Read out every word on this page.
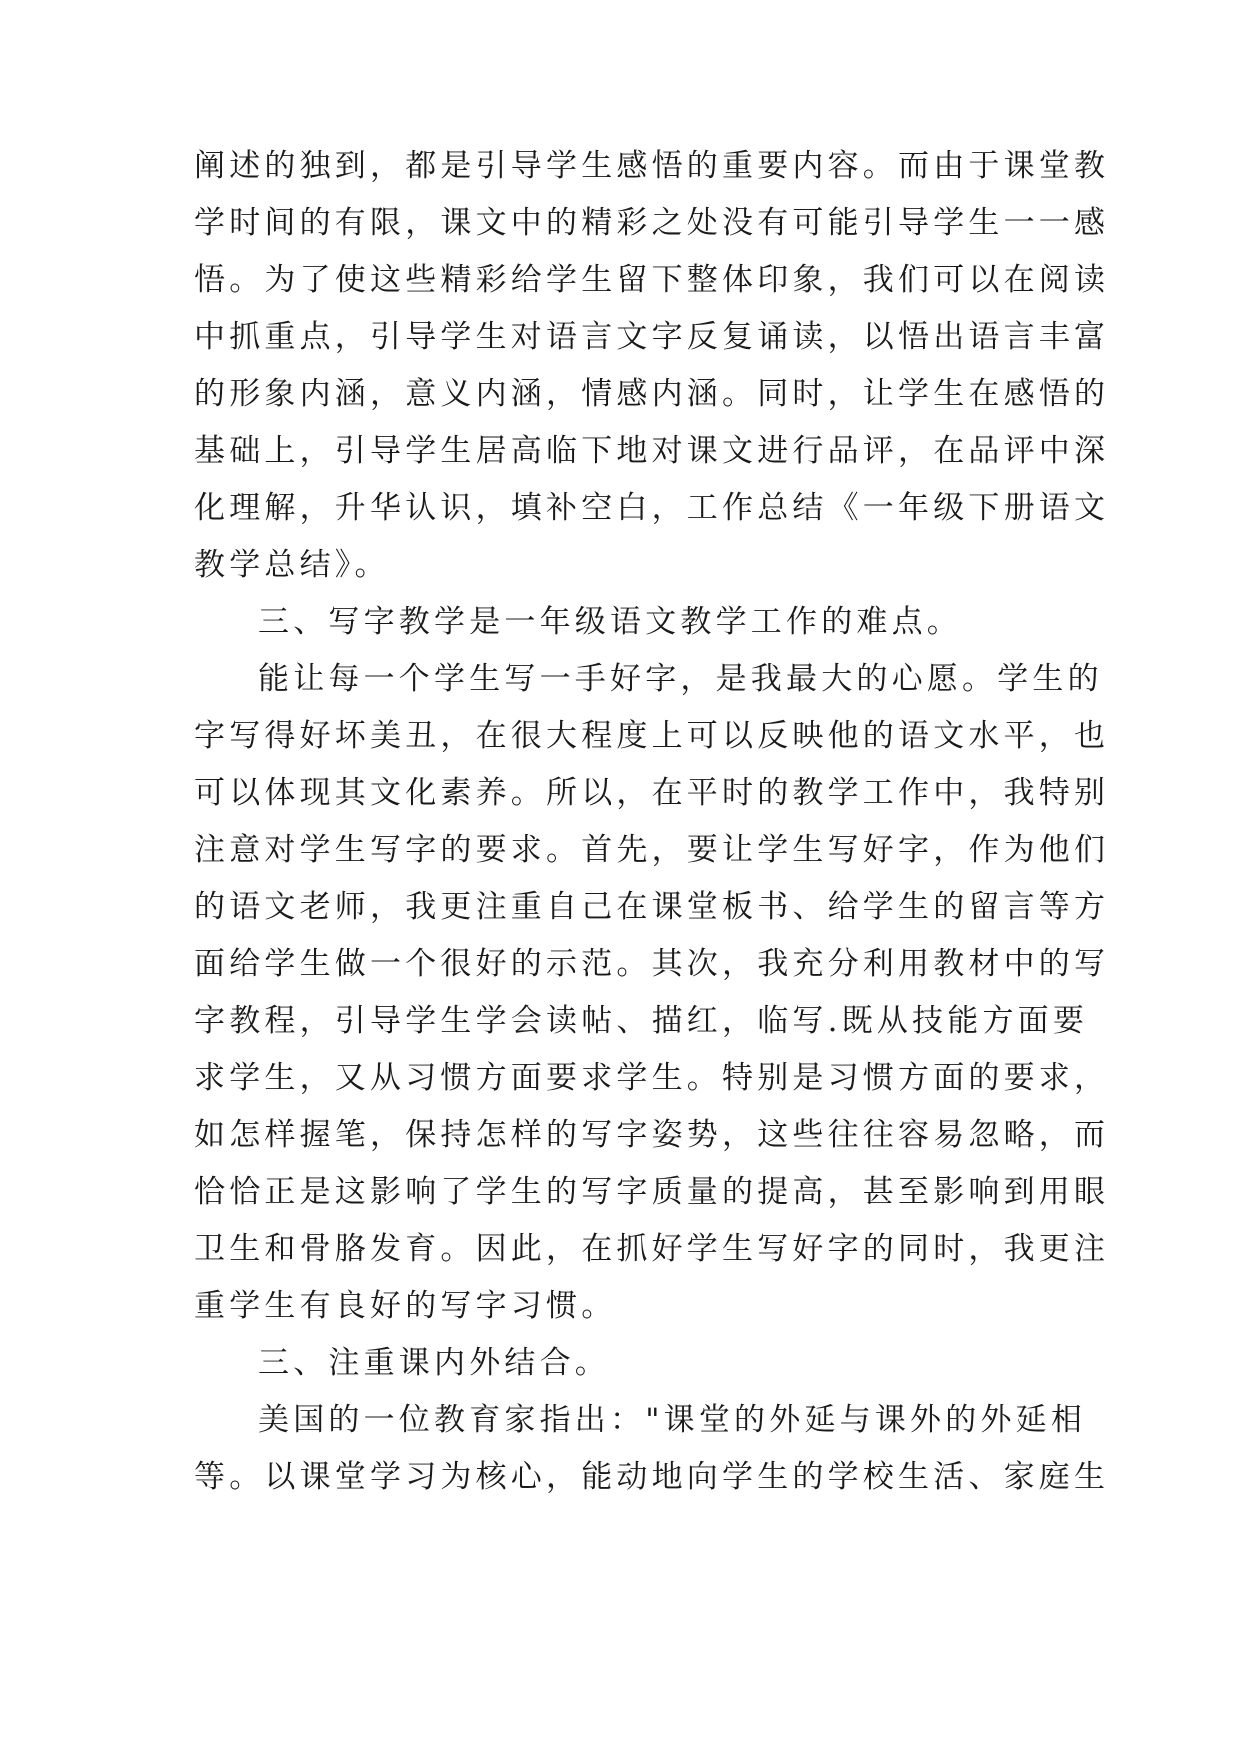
阐述的独到，都是引导学生感悟的重要内容。而由于课堂教
学时间的有限，课文中的精彩之处没有可能引导学生一一感
悟。为了使这些精彩给学生留下整体印象，我们可以在阅读
中抓重点，引导学生对语言文字反复诵读，以悟出语言丰富
的形象内涵，意义内涵，情感内涵。同时，让学生在感悟的
基础上，引导学生居高临下地对课文进行品评，在品评中深
化理解，升华认识，填补空白，工作总结《一年级下册语文
教学总结》。
三、写字教学是一年级语文教学工作的难点。
能让每一个学生写一手好字，是我最大的心愿。学生的
字写得好坏美丑，在很大程度上可以反映他的语文水平，也
可以体现其文化素养。所以，在平时的教学工作中，我特别
注意对学生写字的要求。首先，要让学生写好字，作为他们
的语文老师，我更注重自己在课堂板书、给学生的留言等方
面给学生做一个很好的示范。其次，我充分利用教材中的写
字教程，引导学生学会读帖、描红，临写.既从技能方面要
求学生，又从习惯方面要求学生。特别是习惯方面的要求，
如怎样握笔，保持怎样的写字姿势，这些往往容易忽略，而
恰恰正是这影响了学生的写字质量的提高，甚至影响到用眼
卫生和骨胳发育。因此，在抓好学生写好字的同时，我更注
重学生有良好的写字习惯。
三、注重课内外结合。
美国的一位教育家指出："课堂的外延与课外的外延相
等。以课堂学习为核心，能动地向学生的学校生活、家庭生
